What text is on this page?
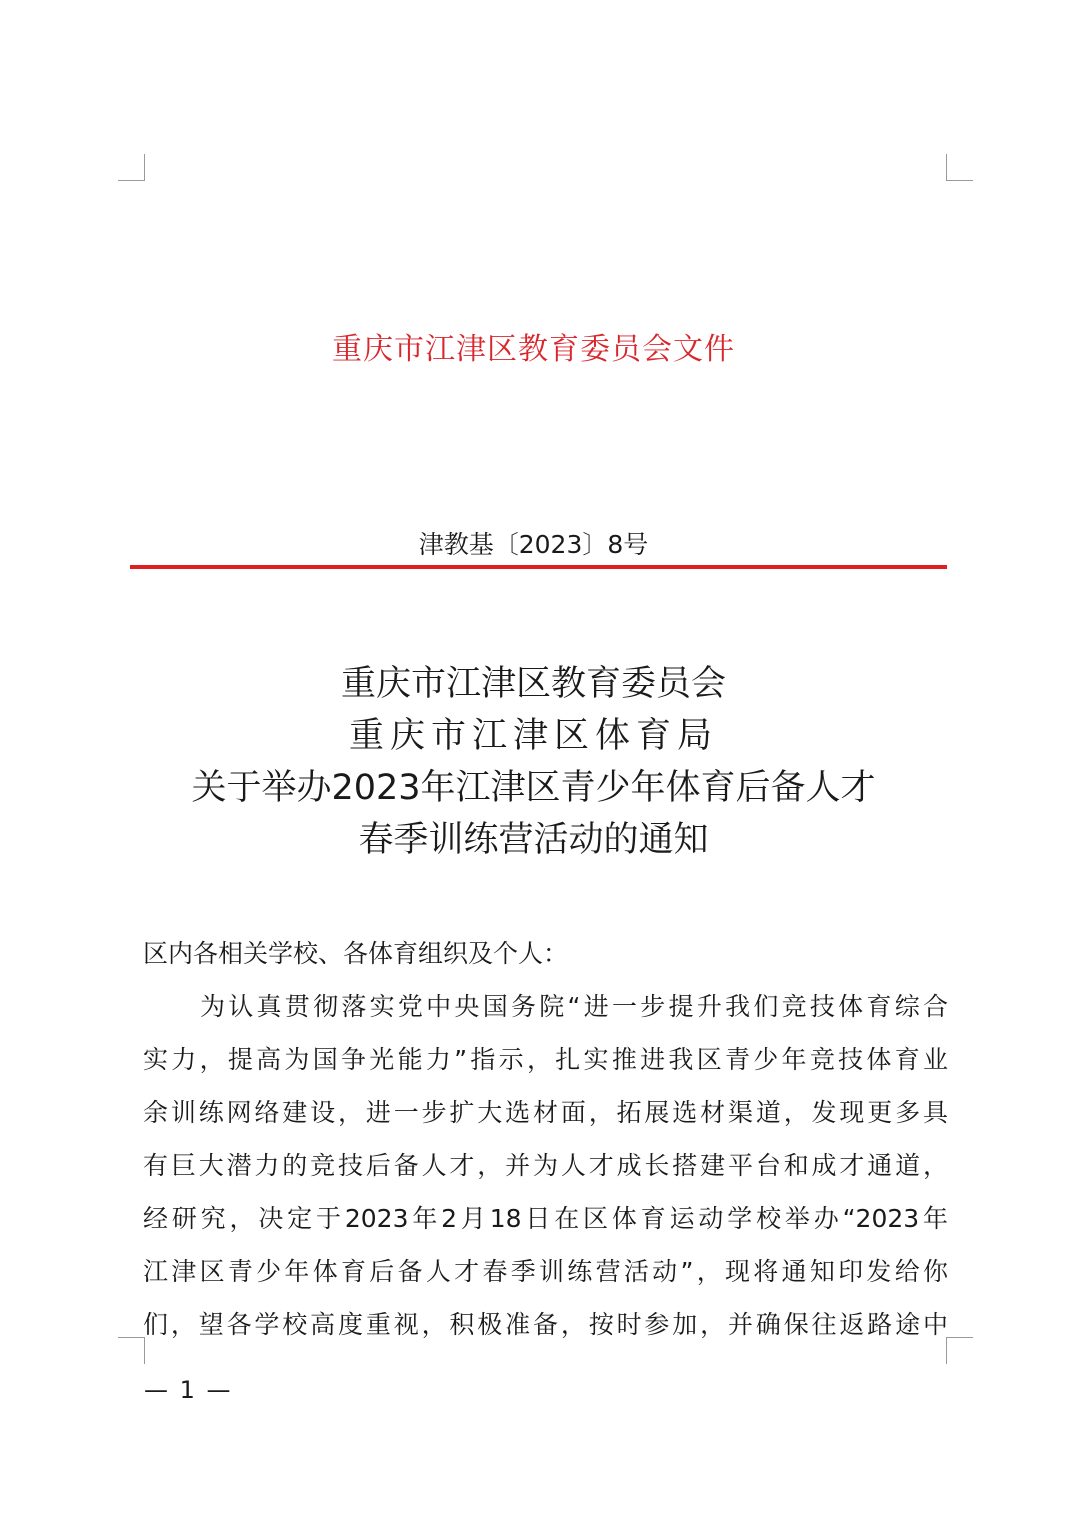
重庆市江津区教育委员会文件
津教基〔2023〕8号
重庆市江津区教育委员会
重庆市江津区体育局
关于举办2023年江津区青少年体育后备人才
春季训练营活动的通知
区内各相关学校、各体育组织及个人：
为认真贯彻落实党中央国务院“进一步提升我们竞技体育综合
实力，提高为国争光能力”指示，扎实推进我区青少年竞技体育业
余训练网络建设，进一步扩大选材面，拓展选材渠道，发现更多具
有巨大潜力的竞技后备人才，并为人才成长搭建平台和成才通道，
经研究，决定于2023年2月18日在区体育运动学校举办“2023年
江津区青少年体育后备人才春季训练营活动”，现将通知印发给你
们，望各学校高度重视，积极准备，按时参加，并确保往返路途中
— 1 —
